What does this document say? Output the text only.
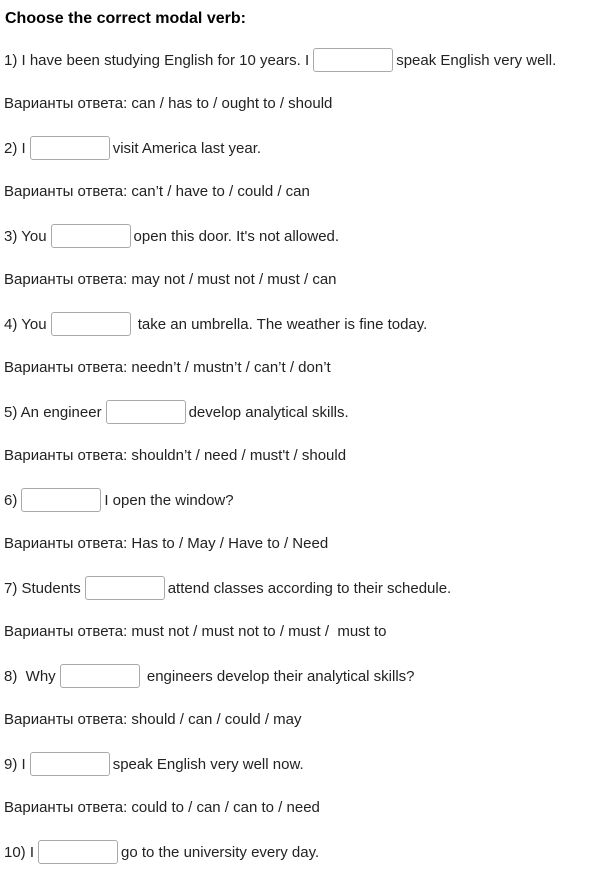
Choose the correct modal verb:
1) I have been studying English for 10 years. I	speak English very well.
Варианты ответа: can / has to / ought to / should
2) I	visit America last year.
Варианты ответа: can’t / have to / could / can
3) You	open this door. It's not allowed.
Варианты ответа: may not / must not / must / can
4) You	take an umbrella. The weather is fine today.
Варианты ответа: needn’t / mustn’t / can’t / don’t
5) An engineer	develop analytical skills.
Варианты ответа: shouldn’t / need / must't / should
6)	I open the window?
Варианты ответа: Has to / May / Have to / Need
7) Students	attend classes according to their schedule.
Варианты ответа: must not / must not to / must /  must to
8)  Why	engineers develop their analytical skills?
Варианты ответа: should / can / could / may
9) I	speak English very well now.
Варианты ответа: could to / can / can to / need
10) I	go to the university every day.
